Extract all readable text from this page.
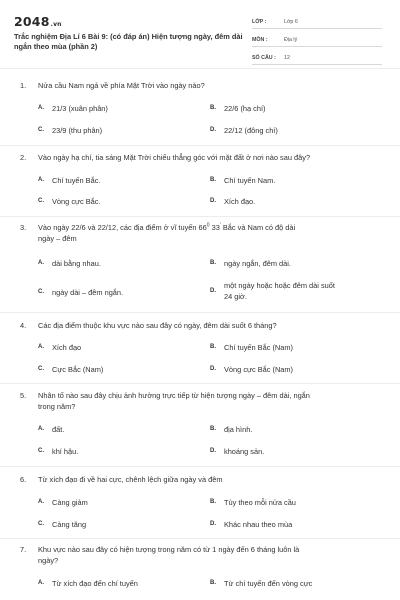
2048.vn
Trắc nghiệm Địa Lí 6 Bài 9: (có đáp án) Hiện tượng ngày, đêm dài ngắn theo mùa (phần 2)
LỚP :	Lớp 6
MÔN :	Địa lý
SỐ CÂU :	12
1. Nửa cầu Nam ngả về phía Mặt Trời vào ngày nào?
A.	21/3 (xuân phân)	B.	22/6 (hạ chí)
C.	23/9 (thu phân)	D.	22/12 (đông chí)
2. Vào ngày hạ chí, tia sáng Mặt Trời chiếu thẳng góc với mặt đất ở nơi nào sau đây?
A.	Chí tuyến Bắc.	B.	Chí tuyến Nam.
C.	Vòng cực Bắc.	D.	Xích đạo.
3. Vào ngày 22/6 và 22/12, các địa điểm ở vĩ tuyến $66^0$ 33' Bắc và Nam có độ dài
ngày – đêm
A.	dài bằng nhau.	B.	ngày ngắn, đêm dài.
C.	ngày dài – đêm ngắn.	D.
một ngày hoặc hoặc đêm dài suốt
24 giờ.
4. Các địa điểm thuộc khu vực nào sau đây có ngày, đêm dài suốt 6 tháng?
A.	Xích đạo	B.	Chí tuyến Bắc (Nam)
C.	Cực Bắc (Nam)	D.	Vòng cực Bắc (Nam)
5. Nhân tố nào sau đây chịu ảnh hưởng trực tiếp từ hiện tượng ngày – đêm dài, ngắn
trong năm?
A.	đất.	B.	địa hình.
C.	khí hậu.	D.	khoáng sản.
6. Từ xích đạo đi về hai cực, chênh lệch giữa ngày và đêm
A.	Càng giảm	B.	Tùy theo mỗi nửa cầu
C.	Càng tăng	D.	Khác nhau theo mùa
7. Khu vực nào sau đây có hiện tượng trong năm có từ 1 ngày đến 6 tháng luôn là
ngày?
A.	Từ xích đạo đến chí tuyến	B.	Từ chí tuyến đến vòng cực
